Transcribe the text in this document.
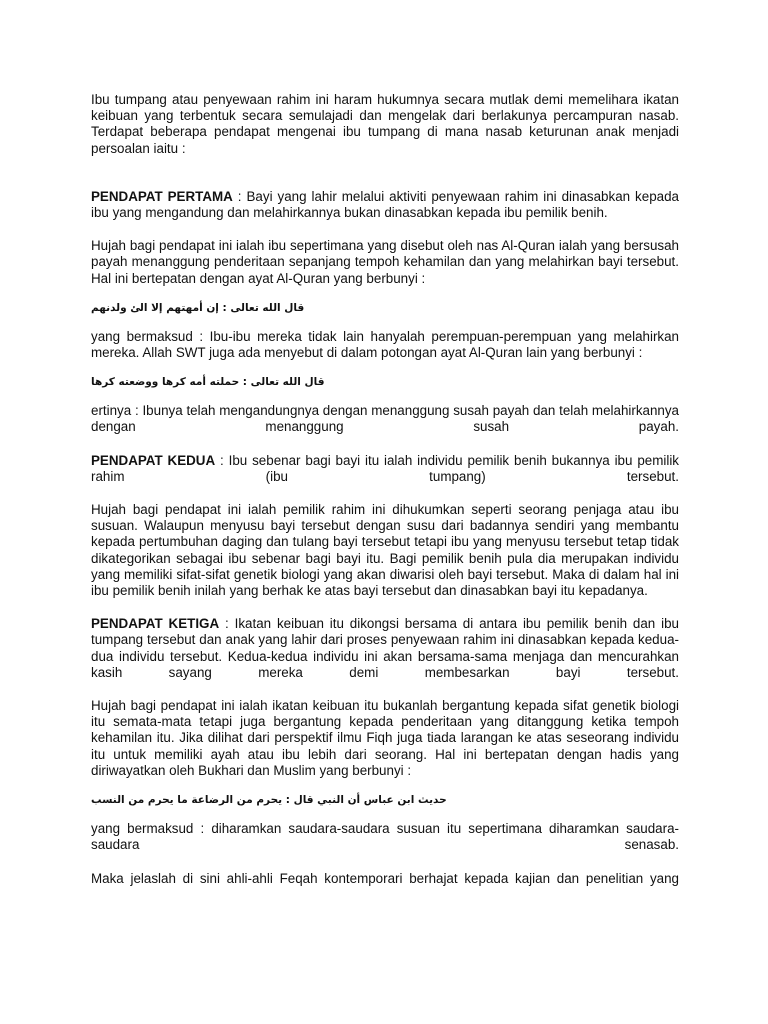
Ibu tumpang atau penyewaan rahim ini haram hukumnya secara mutlak demi memelihara ikatan keibuan yang terbentuk secara semulajadi dan mengelak dari berlakunya percampuran nasab. Terdapat beberapa pendapat mengenai ibu tumpang di mana nasab keturunan anak menjadi persoalan iaitu :

PENDAPAT PERTAMA : Bayi yang lahir melalui aktiviti penyewaan rahim ini dinasabkan kepada ibu yang mengandung dan melahirkannya bukan dinasabkan kepada ibu pemilik benih.

Hujah bagi pendapat ini ialah ibu sepertimana yang disebut oleh nas Al-Quran ialah yang bersusah payah menanggung penderitaan sepanjang tempoh kehamilan dan yang melahirkan bayi tersebut. Hal ini bertepatan dengan ayat Al-Quran yang berbunyi :

قال الله تعالى : إن أمهتهم إلا الئ ولدنهم

yang bermaksud : Ibu-ibu mereka tidak lain hanyalah perempuan-perempuan yang melahirkan mereka. Allah SWT juga ada menyebut di dalam potongan ayat Al-Quran lain yang berbunyi :

قال الله تعالى : حملته أمه كرها ووضعته كرها

ertinya : Ibunya telah mengandungnya dengan menanggung susah payah dan telah melahirkannya dengan menanggung susah payah.

PENDAPAT KEDUA : Ibu sebenar bagi bayi itu ialah individu pemilik benih bukannya ibu pemilik rahim (ibu tumpang) tersebut.

Hujah bagi pendapat ini ialah pemilik rahim ini dihukumkan seperti seorang penjaga atau ibu susuan. Walaupun menyusu bayi tersebut dengan susu dari badannya sendiri yang membantu kepada pertumbuhan daging dan tulang bayi tersebut tetapi ibu yang menyusu tersebut tetap tidak dikategorikan sebagai ibu sebenar bagi bayi itu. Bagi pemilik benih pula dia merupakan individu yang memiliki sifat-sifat genetik biologi yang akan diwarisi oleh bayi tersebut. Maka di dalam hal ini ibu pemilik benih inilah yang berhak ke atas bayi tersebut dan dinasabkan bayi itu kepadanya.

PENDAPAT KETIGA : Ikatan keibuan itu dikongsi bersama di antara ibu pemilik benih dan ibu tumpang tersebut dan anak yang lahir dari proses penyewaan rahim ini dinasabkan kepada kedua-dua individu tersebut. Kedua-kedua individu ini akan bersama-sama menjaga dan mencurahkan kasih sayang mereka demi membesarkan bayi tersebut.

Hujah bagi pendapat ini ialah ikatan keibuan itu bukanlah bergantung kepada sifat genetik biologi itu semata-mata tetapi juga bergantung kepada penderitaan yang ditanggung ketika tempoh kehamilan itu. Jika dilihat dari perspektif ilmu Fiqh juga tiada larangan ke atas seseorang individu itu untuk memiliki ayah atau ibu lebih dari seorang. Hal ini bertepatan dengan hadis yang diriwayatkan oleh Bukhari dan Muslim yang berbunyi :

حديث ابن عباس أن النبي قال : يحرم من الرضاعة ما يحرم من النسب

yang bermaksud : diharamkan saudara-saudara susuan itu sepertimana diharamkan saudara-saudara senasab.

Maka jelaslah di sini ahli-ahli Feqah kontemporari berhajat kepada kajian dan penelitian yang
